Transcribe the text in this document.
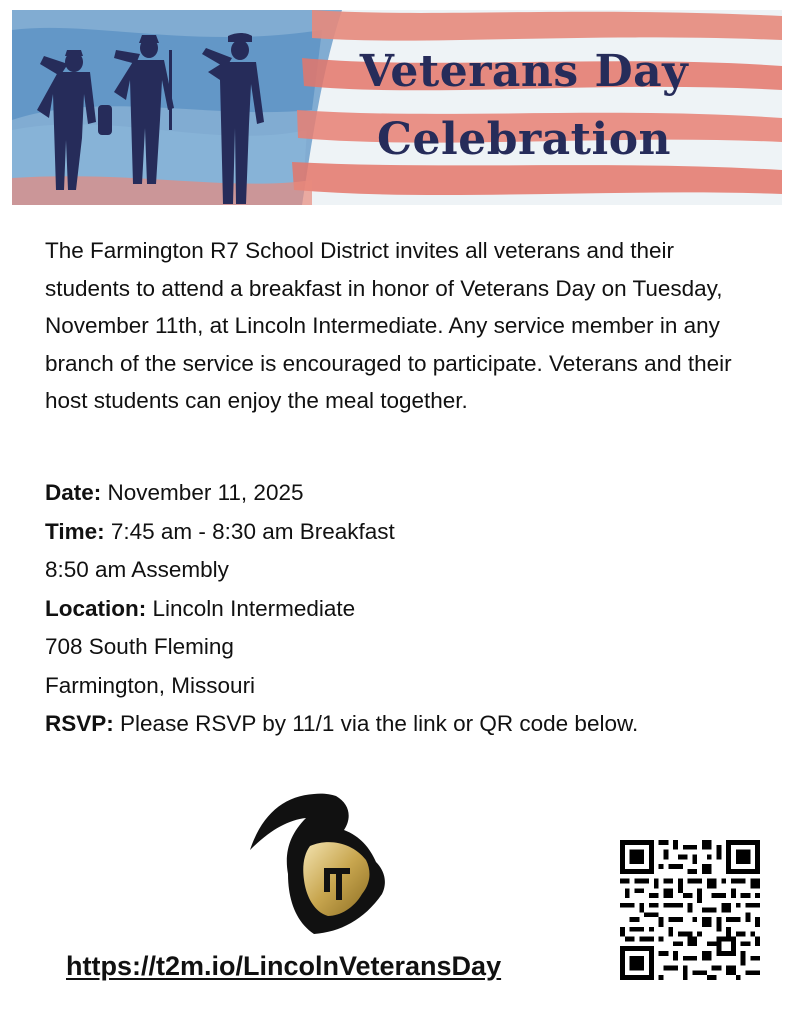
Veterans Day
Celebration

The Farmington R7 School District invites all veterans and their students to attend a breakfast in honor of Veterans Day on Tuesday, November 11th, at Lincoln Intermediate. Any service member in any branch of the service is encouraged to participate. Veterans and their host students can enjoy the meal together.

Date: November 11, 2025
Time: 7:45 am - 8:30 am Breakfast
8:50 am Assembly
Location: Lincoln Intermediate
708 South Fleming
Farmington, Missouri
RSVP: Please RSVP by 11/1 via the link or QR code below.
https://t2m.io/LincolnVeteransDay
